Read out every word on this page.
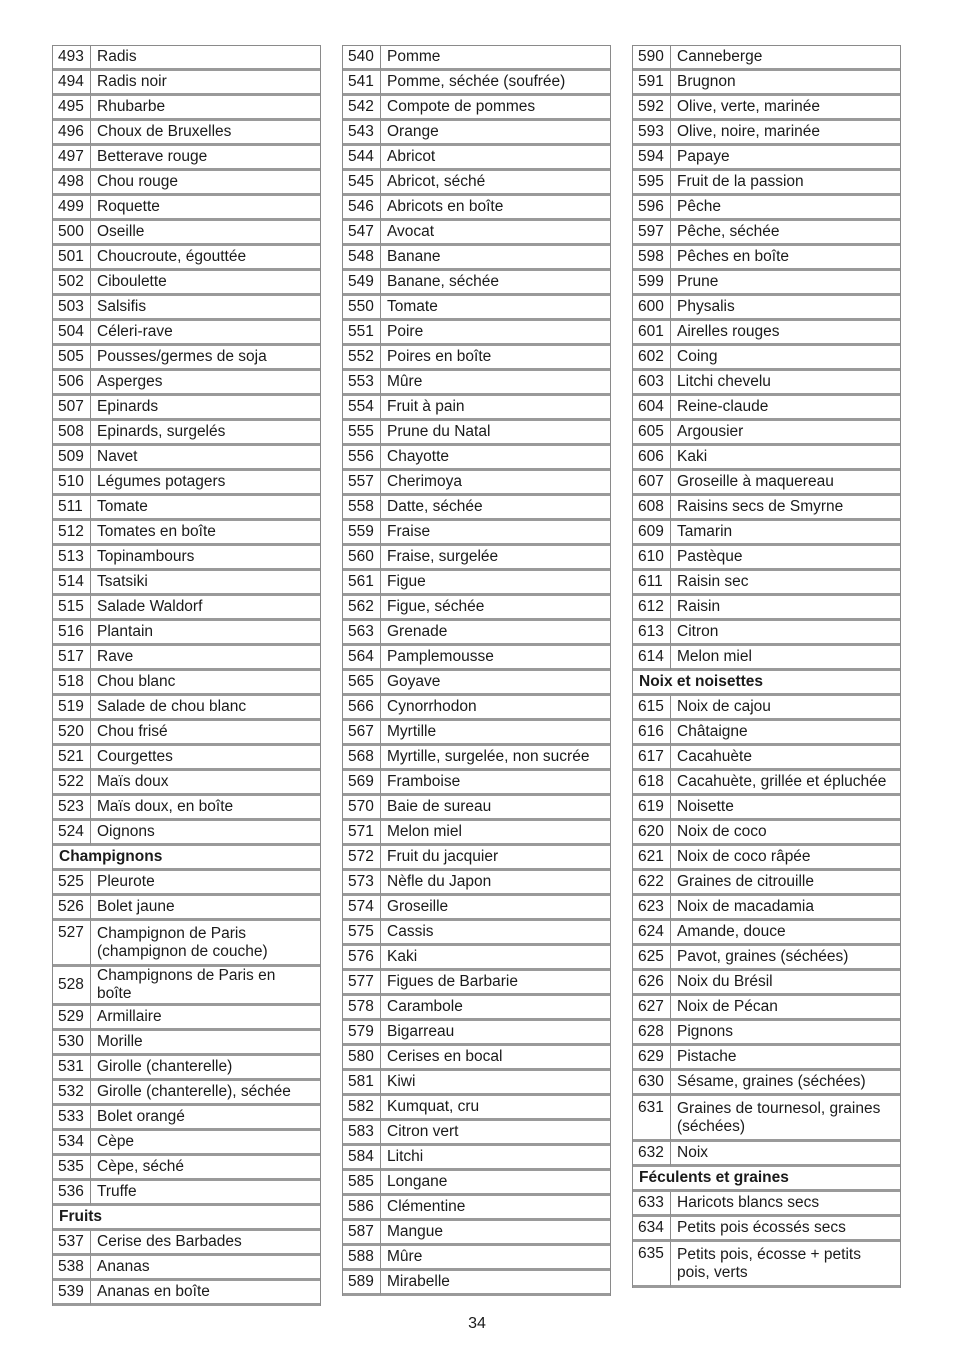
493	Radis
494	Radis noir
495	Rhubarbe
496	Choux de Bruxelles
497	Betterave rouge
498	Chou rouge
499	Roquette
500	Oseille
501	Choucroute, égouttée
502	Ciboulette
503	Salsifis
504	Céleri-rave
505	Pousses/germes de soja
506	Asperges
507	Epinards
508	Epinards, surgelés
509	Navet
510	Légumes potagers
511	Tomate
512	Tomates en boîte
513	Topinambours
514	Tsatsiki
515	Salade Waldorf
516	Plantain
517	Rave
518	Chou blanc
519	Salade de chou blanc
520	Chou frisé
521	Courgettes
522	Maïs doux
523	Maïs doux, en boîte
524	Oignons
Champignons	
525	Pleurote
526	Bolet jaune
527	Champignon de Paris (champignon de couche)
528	Champignons de Paris en boîte
529	Armillaire
530	Morille
531	Girolle (chanterelle)
532	Girolle (chanterelle), séchée
533	Bolet orangé
534	Cèpe
535	Cèpe, séché
536	Truffe
Fruits	
537	Cerise des Barbades
538	Ananas
539	Ananas en boîte
540	Pomme
541	Pomme, séchée (soufrée)
542	Compote de pommes
543	Orange
544	Abricot
545	Abricot, séché
546	Abricots en boîte
547	Avocat
548	Banane
549	Banane, séchée
550	Tomate
551	Poire
552	Poires en boîte
553	Mûre
554	Fruit à pain
555	Prune du Natal
556	Chayotte
557	Cherimoya
558	Datte, séchée
559	Fraise
560	Fraise, surgelée
561	Figue
562	Figue, séchée
563	Grenade
564	Pamplemousse
565	Goyave
566	Cynorrhodon
567	Myrtille
568	Myrtille, surgelée, non sucrée
569	Framboise
570	Baie de sureau
571	Melon miel
572	Fruit du jacquier
573	Nèfle du Japon
574	Groseille
575	Cassis
576	Kaki
577	Figues de Barbarie
578	Carambole
579	Bigarreau
580	Cerises en bocal
581	Kiwi
582	Kumquat, cru
583	Citron vert
584	Litchi
585	Longane
586	Clémentine
587	Mangue
588	Mûre
589	Mirabelle
590	Canneberge
591	Brugnon
592	Olive, verte, marinée
593	Olive, noire, marinée
594	Papaye
595	Fruit de la passion
596	Pêche
597	Pêche, séchée
598	Pêches en boîte
599	Prune
600	Physalis
601	Airelles rouges
602	Coing
603	Litchi chevelu
604	Reine-claude
605	Argousier
606	Kaki
607	Groseille à maquereau
608	Raisins secs de Smyrne
609	Tamarin
610	Pastèque
611	Raisin sec
612	Raisin
613	Citron
614	Melon miel
Noix et noisettes	
615	Noix de cajou
616	Châtaigne
617	Cacahuète
618	Cacahuète, grillée et épluchée
619	Noisette
620	Noix de coco
621	Noix de coco râpée
622	Graines de citrouille
623	Noix de macadamia
624	Amande, douce
625	Pavot, graines (séchées)
626	Noix du Brésil
627	Noix de Pécan
628	Pignons
629	Pistache
630	Sésame, graines (séchées)
631	Graines de tournesol, graines (séchées)
632	Noix
Féculents et graines	
633	Haricots blancs secs
634	Petits pois écossés secs
635	Petits pois, écosse + petits pois, verts
34
